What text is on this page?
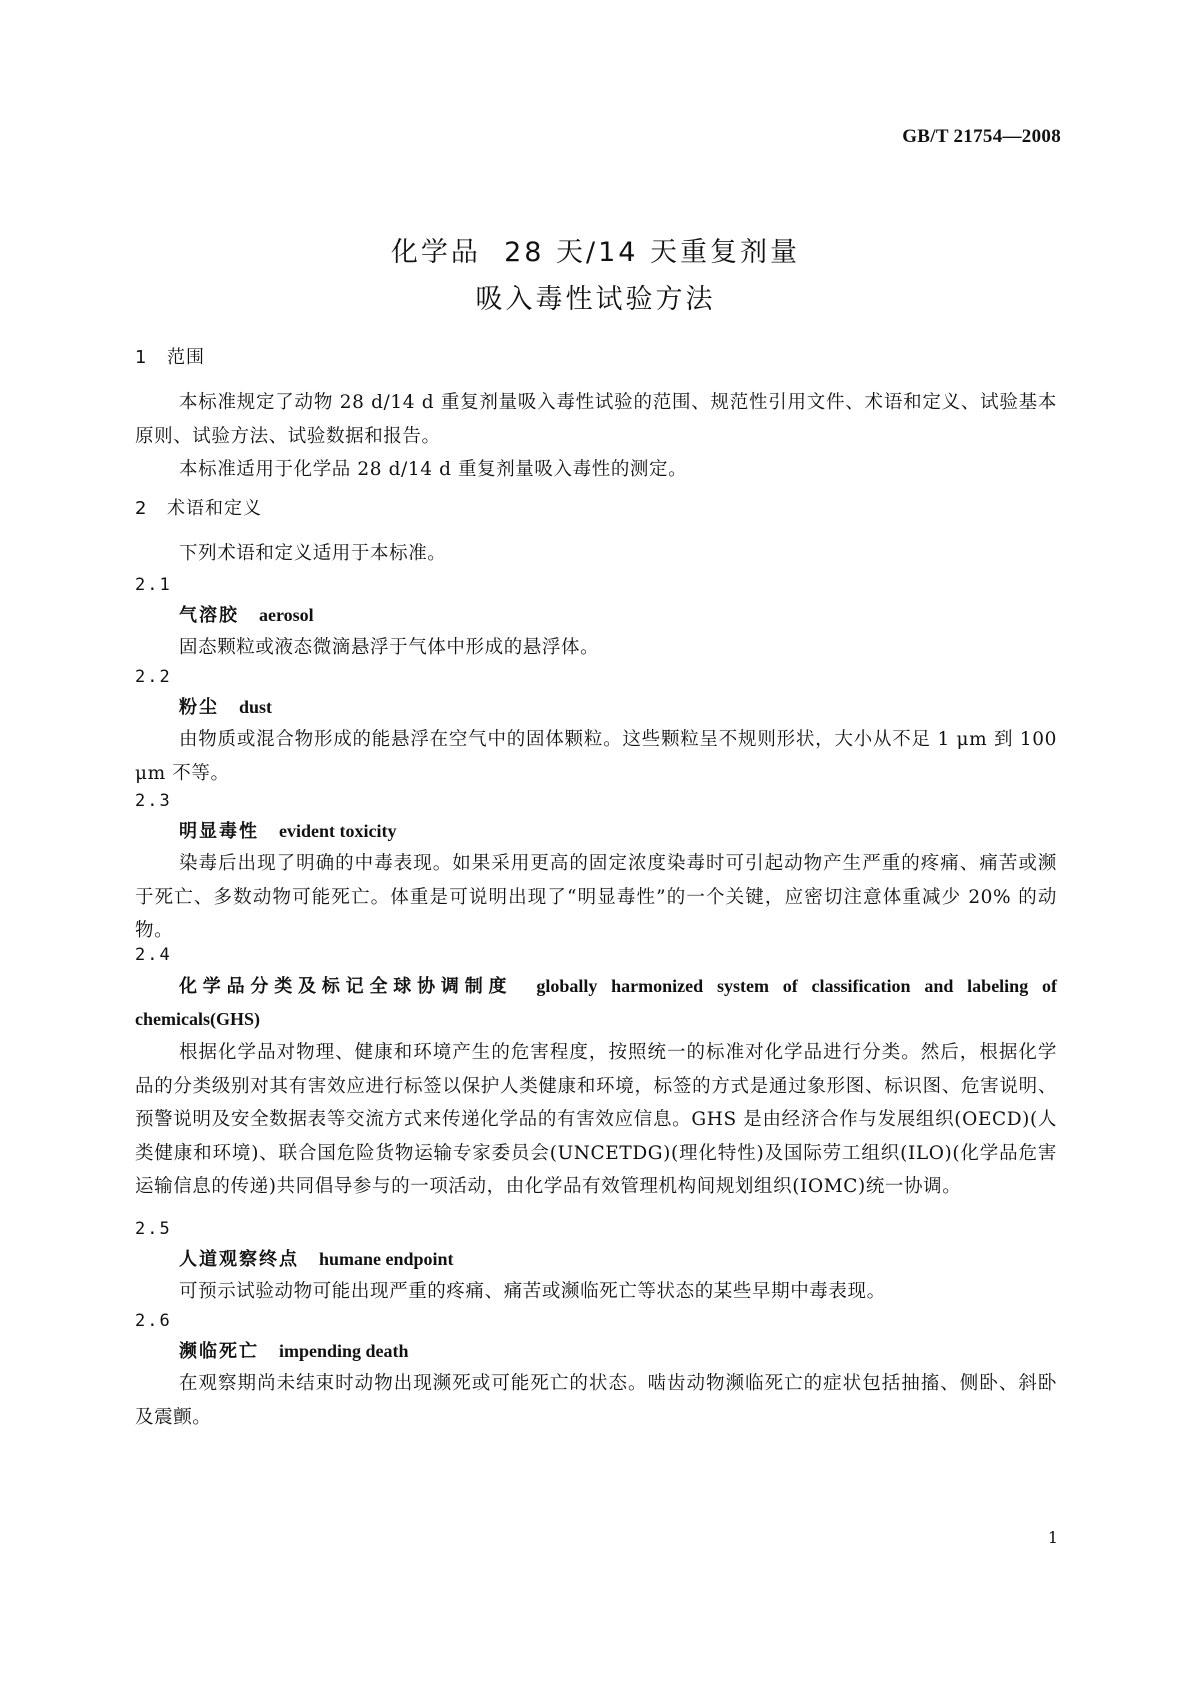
GB/T 21754—2008
化学品  28 天/14 天重复剂量
吸入毒性试验方法
1 范围

本标准规定了动物 28 d/14 d 重复剂量吸入毒性试验的范围、规范性引用文件、术语和定义、试验基本原则、试验方法、试验数据和报告。

本标准适用于化学品 28 d/14 d 重复剂量吸入毒性的测定。

2 术语和定义

下列术语和定义适用于本标准。

2.1
气溶胶 aerosol

固态颗粒或液态微滴悬浮于气体中形成的悬浮体。

2.2
粉尘 dust

由物质或混合物形成的能悬浮在空气中的固体颗粒。这些颗粒呈不规则形状，大小从不足 1 μm 到 100 μm 不等。

2.3
明显毒性 evident toxicity

染毒后出现了明确的中毒表现。如果采用更高的固定浓度染毒时可引起动物产生严重的疼痛、痛苦或濒于死亡、多数动物可能死亡。体重是可说明出现了“明显毒性”的一个关键，应密切注意体重减少 20% 的动物。

2.4

化学品分类及标记全球协调制度 globally harmonized system of classification and labeling of chemicals(GHS)

根据化学品对物理、健康和环境产生的危害程度，按照统一的标准对化学品进行分类。然后，根据化学品的分类级别对其有害效应进行标签以保护人类健康和环境，标签的方式是通过象形图、标识图、危害说明、预警说明及安全数据表等交流方式来传递化学品的有害效应信息。GHS 是由经济合作与发展组织(OECD)(人类健康和环境)、联合国危险货物运输专家委员会(UNCETDG)(理化特性)及国际劳工组织(ILO)(化学品危害运输信息的传递)共同倡导参与的一项活动，由化学品有效管理机构间规划组织(IOMC)统一协调。

2.5
人道观察终点 humane endpoint

可预示试验动物可能出现严重的疼痛、痛苦或濒临死亡等状态的某些早期中毒表现。

2.6
濒临死亡 impending death

在观察期尚未结束时动物出现濒死或可能死亡的状态。啮齿动物濒临死亡的症状包括抽搐、侧卧、斜卧及震颤。

1
